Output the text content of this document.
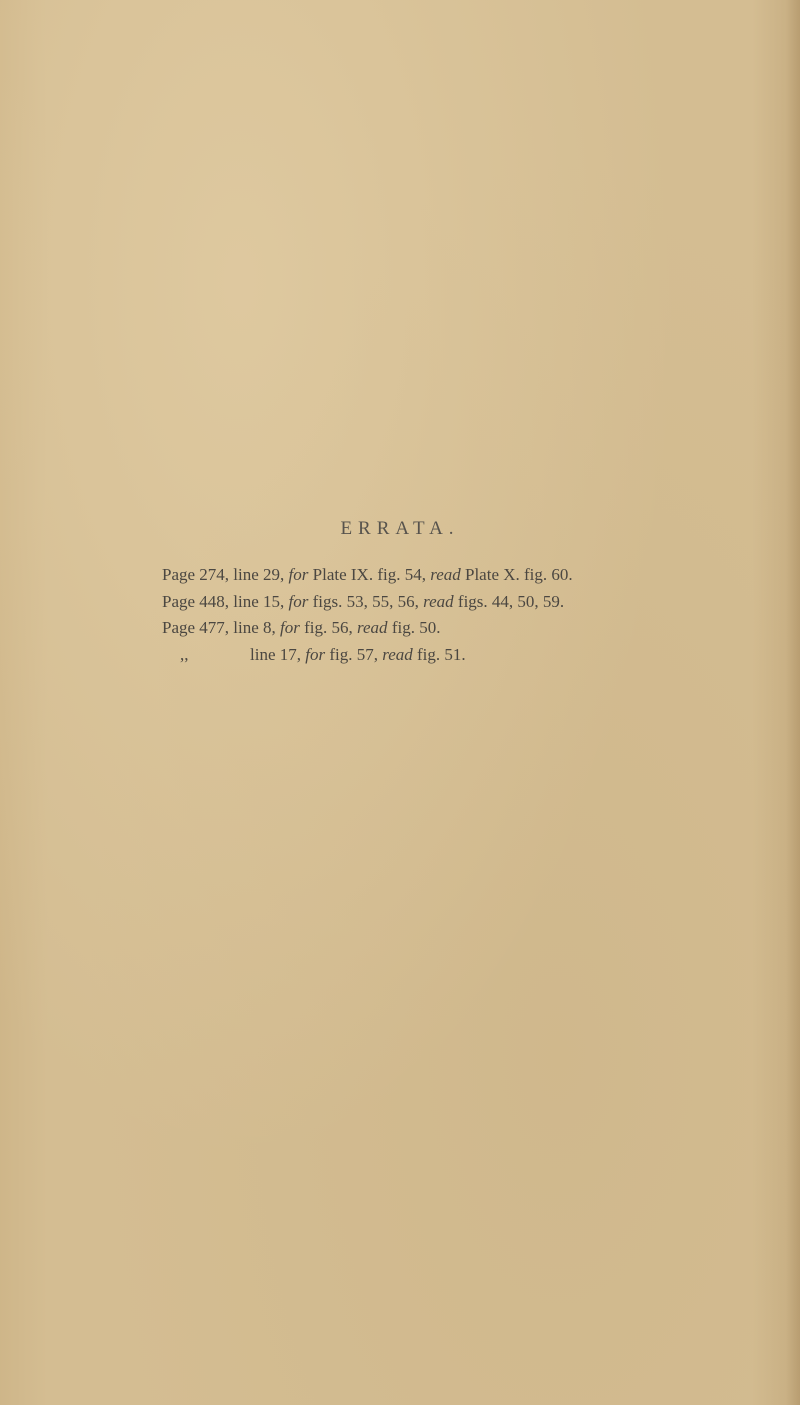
ERRATA.
Page 274, line 29, for Plate IX. fig. 54, read Plate X. fig. 60.
Page 448, line 15, for figs. 53, 55, 56, read figs. 44, 50, 59.
Page 477, line 8, for fig. 56, read fig. 50.
,,	line 17, for fig. 57, read fig. 51.
